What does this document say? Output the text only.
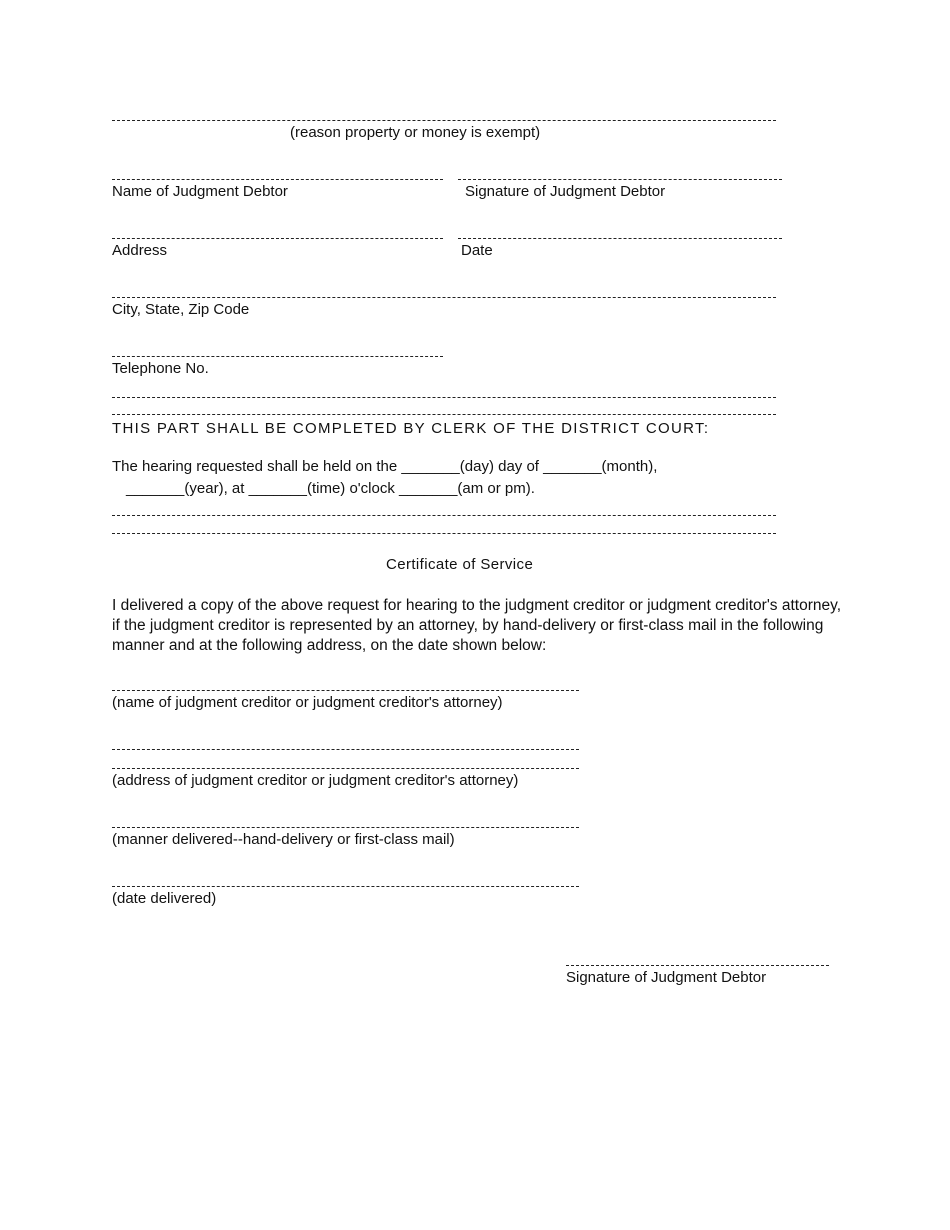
(reason property or money is exempt)
Name of Judgment Debtor	Signature of Judgment Debtor
Address	Date
City, State, Zip Code
Telephone No.
THIS PART SHALL BE COMPLETED BY CLERK OF THE DISTRICT COURT:
The hearing requested shall be held on the _______(day) day of _______(month),
_______(year), at _______(time) o'clock _______(am or pm).
Certificate of Service

I delivered a copy of the above request for hearing to the judgment creditor or judgment creditor's attorney,

if the judgment creditor is represented by an attorney, by hand-delivery or first-class mail in the following

manner and at the following address, on the date shown below:

(name of judgment creditor or judgment creditor's attorney)
(address of judgment creditor or judgment creditor's attorney)
(manner delivered--hand-delivery or first-class mail)
(date delivered)
Signature of Judgment Debtor
